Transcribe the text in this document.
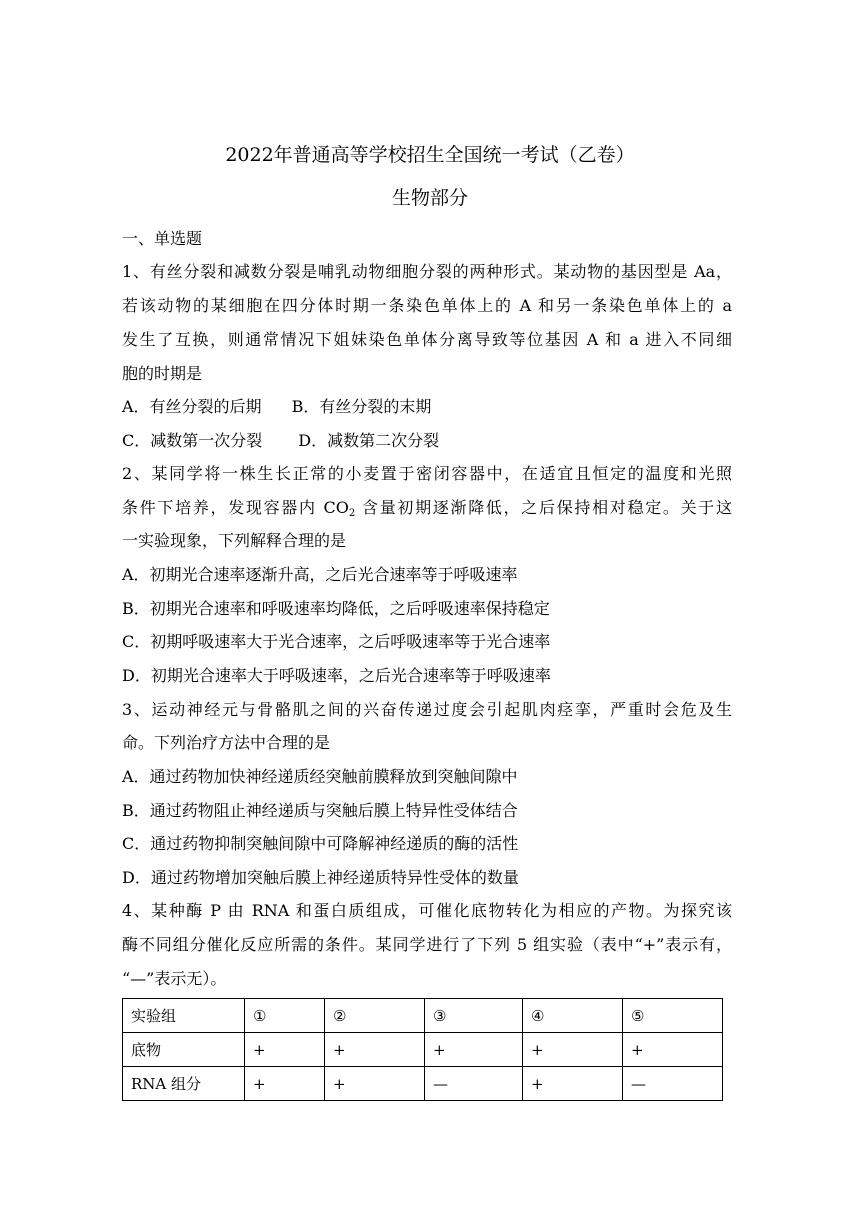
2022年普通高等学校招生全国统一考试（乙卷）
生物部分
一、单选题
1、有丝分裂和减数分裂是哺乳动物细胞分裂的两种形式。某动物的基因型是 Aa，
若该动物的某细胞在四分体时期一条染色单体上的 A 和另一条染色单体上的 a
发生了互换，则通常情况下姐妹染色单体分离导致等位基因 A 和 a 进入不同细
胞的时期是
A．有丝分裂的后期 B．有丝分裂的末期
C．减数第一次分裂 D．减数第二次分裂
2、某同学将一株生长正常的小麦置于密闭容器中，在适宜且恒定的温度和光照
条件下培养，发现容器内 $CO_2$ 含量初期逐渐降低，之后保持相对稳定。关于这
一实验现象，下列解释合理的是
A．初期光合速率逐渐升高，之后光合速率等于呼吸速率
B．初期光合速率和呼吸速率均降低，之后呼吸速率保持稳定
C．初期呼吸速率大于光合速率，之后呼吸速率等于光合速率
D．初期光合速率大于呼吸速率，之后光合速率等于呼吸速率
3、运动神经元与骨骼肌之间的兴奋传递过度会引起肌肉痉挛，严重时会危及生
命。下列治疗方法中合理的是
A．通过药物加快神经递质经突触前膜释放到突触间隙中
B．通过药物阻止神经递质与突触后膜上特异性受体结合
C．通过药物抑制突触间隙中可降解神经递质的酶的活性
D．通过药物增加突触后膜上神经递质特异性受体的数量
4、某种酶 P 由 RNA 和蛋白质组成，可催化底物转化为相应的产物。为探究该
酶不同组分催化反应所需的条件。某同学进行了下列 5 组实验（表中“+”表示有，
“—”表示无）。
实验组	①	②	③	④	⑤
底物	+	+	+	+	+
RNA 组分	+	+	—	+	—
